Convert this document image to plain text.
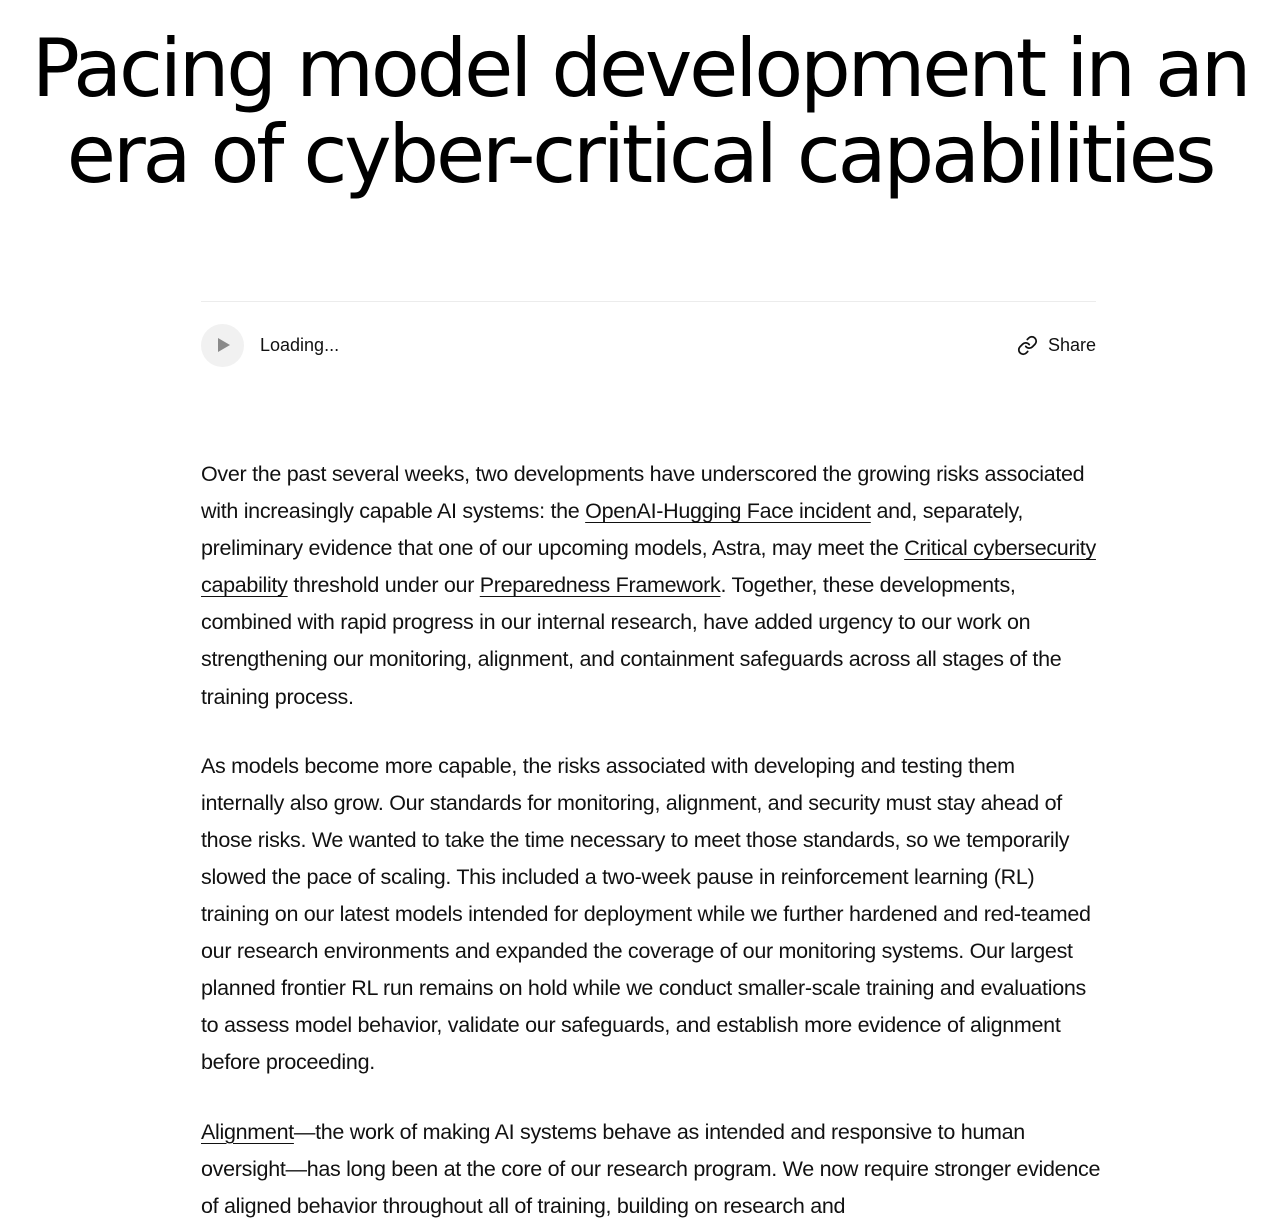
Pacing model development in an era of cyber-critical capabilities
Loading...	Share

Over the past several weeks, two developments have underscored the growing risks associated with increasingly capable AI systems: the OpenAI-Hugging Face incident and, separately, preliminary evidence that one of our upcoming models, Astra, may meet the Critical cybersecurity capability threshold under our Preparedness Framework. Together, these developments, combined with rapid progress in our internal research, have added urgency to our work on strengthening our monitoring, alignment, and containment safeguards across all stages of the training process.

As models become more capable, the risks associated with developing and testing them internally also grow. Our standards for monitoring, alignment, and security must stay ahead of those risks. We wanted to take the time necessary to meet those standards, so we temporarily slowed the pace of scaling. This included a two-week pause in reinforcement learning (RL) training on our latest models intended for deployment while we further hardened and red-teamed our research environments and expanded the coverage of our monitoring systems. Our largest planned frontier RL run remains on hold while we conduct smaller-scale training and evaluations to assess model behavior, validate our safeguards, and establish more evidence of alignment before proceeding.

Alignment—the work of making AI systems behave as intended and responsive to human oversight—has long been at the core of our research program. We now require stronger evidence of aligned behavior throughout all of training, building on research and
